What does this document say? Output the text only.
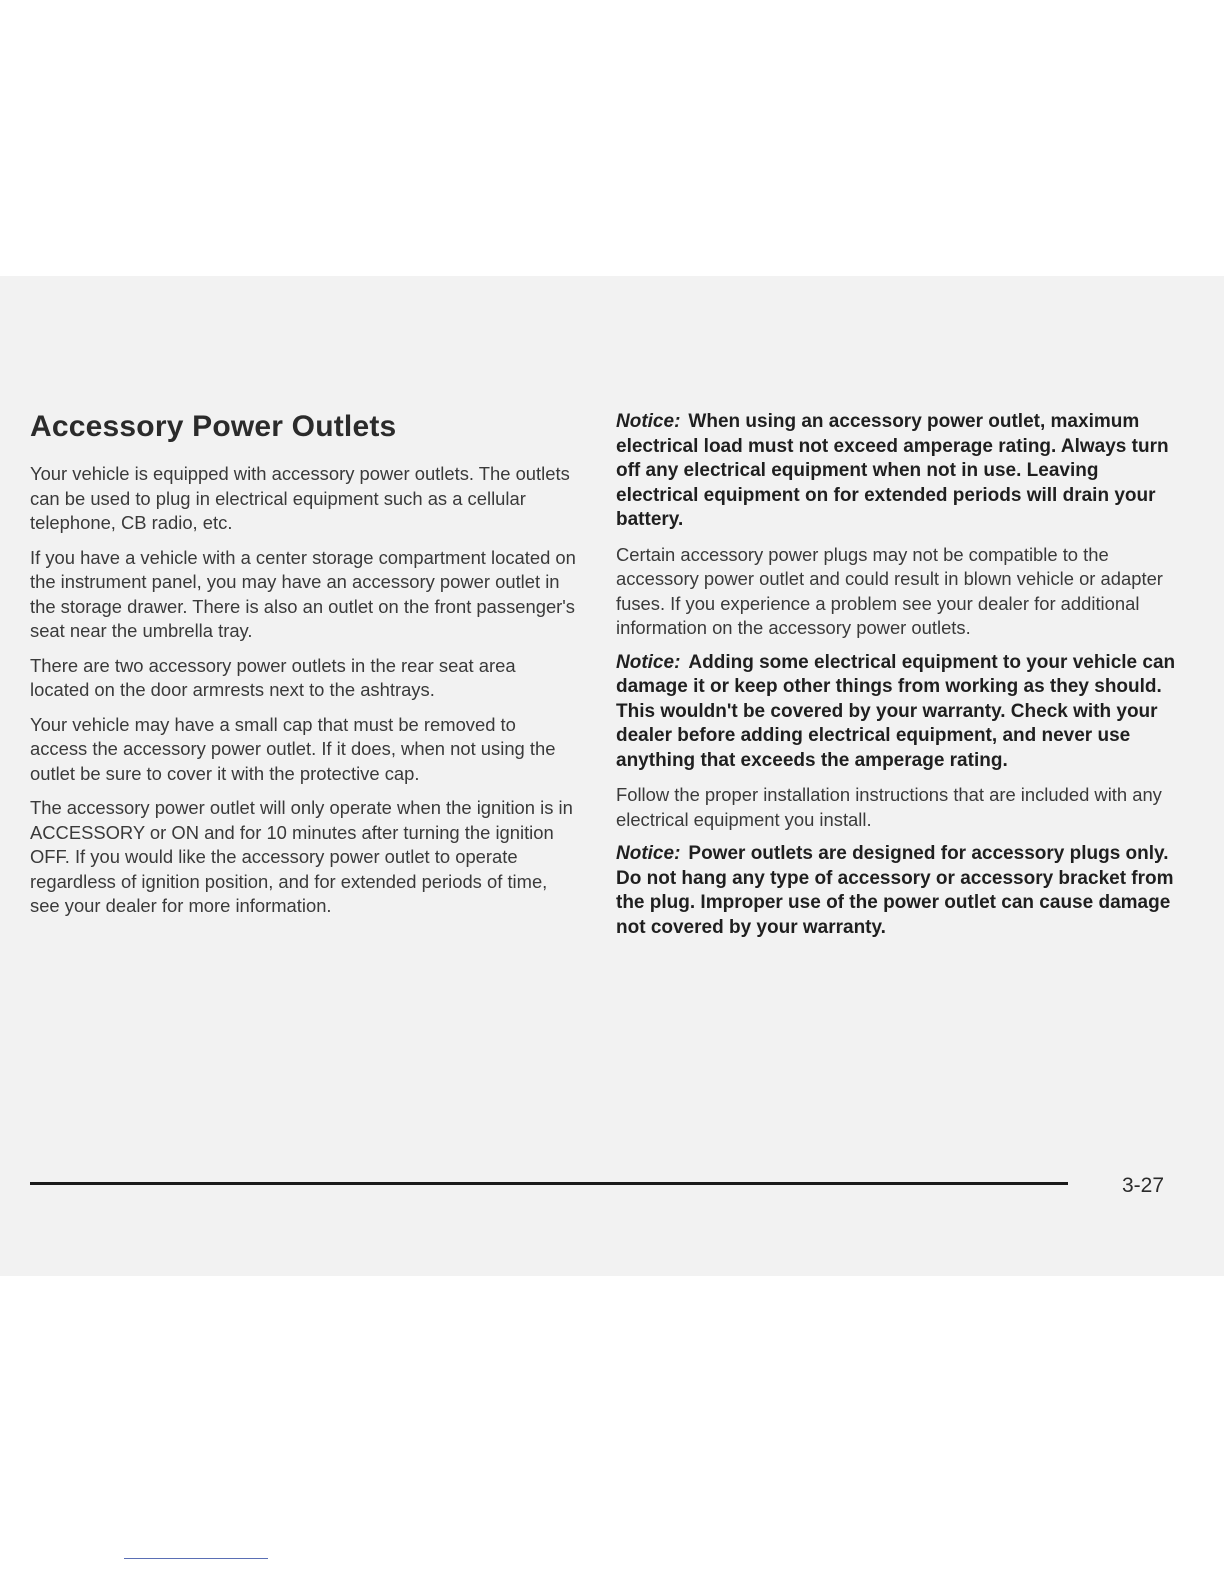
Accessory Power Outlets

Your vehicle is equipped with accessory power outlets. The outlets can be used to plug in electrical equipment such as a cellular telephone, CB radio, etc.

If you have a vehicle with a center storage compartment located on the instrument panel, you may have an accessory power outlet in the storage drawer. There is also an outlet on the front passenger's seat near the umbrella tray.

There are two accessory power outlets in the rear seat area located on the door armrests next to the ashtrays.

Your vehicle may have a small cap that must be removed to access the accessory power outlet. If it does, when not using the outlet be sure to cover it with the protective cap.

The accessory power outlet will only operate when the ignition is in ACCESSORY or ON and for 10 minutes after turning the ignition OFF. If you would like the accessory power outlet to operate regardless of ignition position, and for extended periods of time, see your dealer for more information.

Notice: When using an accessory power outlet, maximum electrical load must not exceed amperage rating. Always turn off any electrical equipment when not in use. Leaving electrical equipment on for extended periods will drain your battery.

Certain accessory power plugs may not be compatible to the accessory power outlet and could result in blown vehicle or adapter fuses. If you experience a problem see your dealer for additional information on the accessory power outlets.

Notice: Adding some electrical equipment to your vehicle can damage it or keep other things from working as they should. This wouldn't be covered by your warranty. Check with your dealer before adding electrical equipment, and never use anything that exceeds the amperage rating.

Follow the proper installation instructions that are included with any electrical equipment you install.

Notice: Power outlets are designed for accessory plugs only. Do not hang any type of accessory or accessory bracket from the plug. Improper use of the power outlet can cause damage not covered by your warranty.

3-27
